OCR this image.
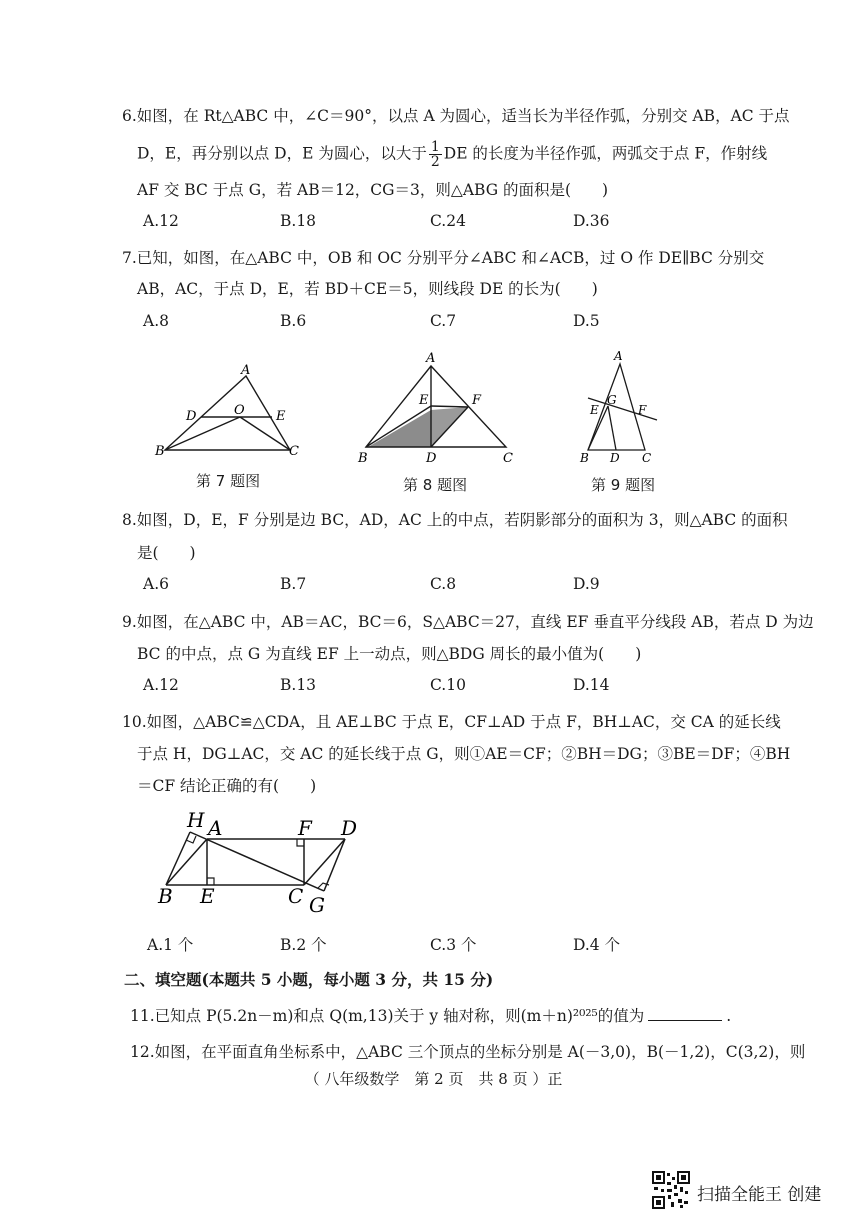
6.如图，在 Rt△ABC 中，∠C＝90°，以点 A 为圆心，适当长为半径作弧，分别交 AB，AC 于点
D，E，再分别以点 D，E 为圆心，以大于 $\frac{1}{2}$ DE 的长度为半径作弧，两弧交于点 F，作射线
AF 交 BC 于点 G，若 AB＝12，CG＝3，则△ABG 的面积是(　　)
A.12	B.18	C.24	D.36
7.已知，如图，在△ABC 中，OB 和 OC 分别平分∠ABC 和∠ACB，过 O 作 DE∥BC 分别交
AB，AC，于点 D，E，若 BD＋CE＝5，则线段 DE 的长为(　　)
A.8	B.6	C.7	D.5
A
B	C
D	E
O
A
B	C
D
E	F
A
B	C
D
E	F
G
第 7 题图	第 8 题图	第 9 题图
8.如图，D，E，F 分别是边 BC，AD，AC 上的中点，若阴影部分的面积为 3，则△ABC 的面积
是(　　)
A.6	B.7	C.8	D.9
9.如图，在△ABC 中，AB＝AC，BC＝6，S△ABC＝27，直线 EF 垂直平分线段 AB，若点 D 为边
BC 的中点，点 G 为直线 EF 上一动点，则△BDG 周长的最小值为(　　)
A.12	B.13	C.10	D.14
10.如图，△ABC≌△CDA，且 AE⊥BC 于点 E，CF⊥AD 于点 F，BH⊥AC，交 CA 的延长线
于点 H，DG⊥AC，交 AC 的延长线于点 G，则①AE＝CF；②BH＝DG；③BE＝DF；④BH
＝CF 结论正确的有(　　)
H A	F D
B E	C G
A.1 个	B.2 个	C.3 个	D.4 个
二、填空题(本题共 5 小题，每小题 3 分，共 15 分)
11.已知点 P(5.2n－m)和点 Q(m,13)关于 y 轴对称，则(m＋n)²⁰²⁵的值为	.
12.如图，在平面直角坐标系中，△ABC 三个顶点的坐标分别是 A(－3,0)，B(－1,2)，C(3,2)，则
（ 八年级数学　第 2 页　共 8 页 ）正
扫描全能王 创建
